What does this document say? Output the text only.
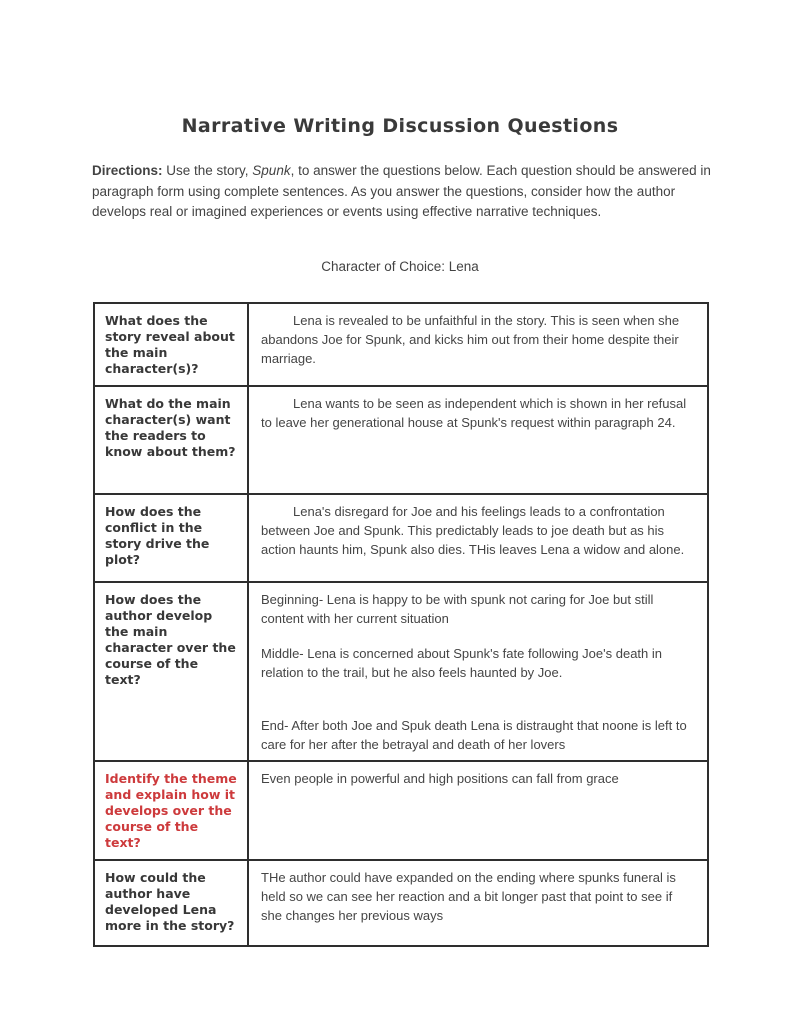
Narrative Writing Discussion Questions

Directions: Use the story, Spunk, to answer the questions below. Each question should be answered in paragraph form using complete sentences. As you answer the questions, consider how the author develops real or imagined experiences or events using effective narrative techniques.

Character of Choice: Lena

What does the story reveal about the main character(s)?	Lena is revealed to be unfaithful in the story. This is seen when she abandons Joe for Spunk, and kicks him out from their home despite their marriage.
What do the main character(s) want the readers to know about them?	Lena wants to be seen as independent which is shown in her refusal to leave her generational house at Spunk's request within paragraph 24.
How does the conflict in the story drive the plot?	Lena's disregard for Joe and his feelings leads to a confrontation between Joe and Spunk. This predictably leads to joe death but as his action haunts him, Spunk also dies. THis leaves Lena a widow and alone.
How does the author develop the main character over the course of the text?	Beginning- Lena is happy to be with spunk not caring for Joe but still content with her current situation

Middle- Lena is concerned about Spunk's fate following Joe's death in relation to the trail, but he also feels haunted by Joe.

End- After both Joe and Spuk death Lena is distraught that noone is left to care for her after the betrayal and death of her lovers

Identify the theme and explain how it develops over the course of the text?	Even people in powerful and high positions can fall from grace
How could the author have developed Lena more in the story?	THe author could have expanded on the ending where spunks funeral is held so we can see her reaction and a bit longer past that point to see if she changes her previous ways
